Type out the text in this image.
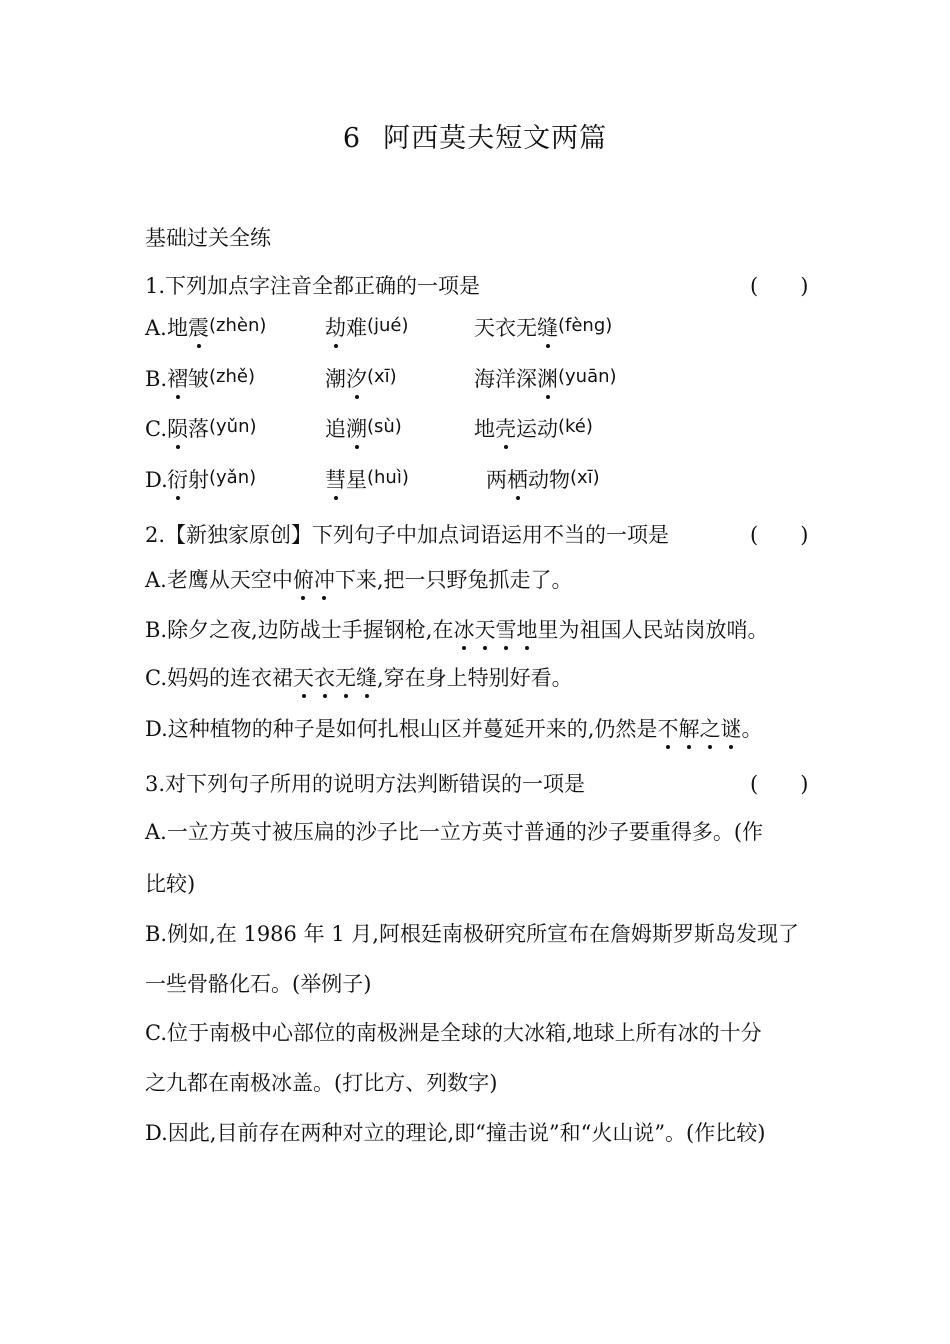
6 阿西莫夫短文两篇
基础过关全练
1.下列加点字注音全都正确的一项是	(　　)
A. 地震(zhèn)	劫难(jué)	天衣无缝(fèng)
B. 褶皱(zhě)	潮汐(xī)	海洋深渊(yuān)
C. 陨落(yǔn)	追溯(sù)	地壳运动(ké)
D. 衍射(yǎn)	彗星(huì)	两栖动物(xī)
2.【新独家原创】下列句子中加点词语运用不当的一项是	(　　)
A.老鹰从天空中俯冲下来,把一只野兔抓走了。
B.除夕之夜,边防战士手握钢枪,在冰天雪地里为祖国人民站岗放哨。
C.妈妈的连衣裙天衣无缝,穿在身上特别好看。
D.这种植物的种子是如何扎根山区并蔓延开来的,仍然是不解之谜。
3.对下列句子所用的说明方法判断错误的一项是	(　　)
A.一立方英寸被压扁的沙子比一立方英寸普通的沙子要重得多。(作
比较)
B.例如,在 1986 年 1 月,阿根廷南极研究所宣布在詹姆斯罗斯岛发现了
一些骨骼化石。(举例子)
C.位于南极中心部位的南极洲是全球的大冰箱,地球上所有冰的十分
之九都在南极冰盖。(打比方、列数字)
D.因此,目前存在两种对立的理论,即“撞击说”和“火山说”。(作比较)
